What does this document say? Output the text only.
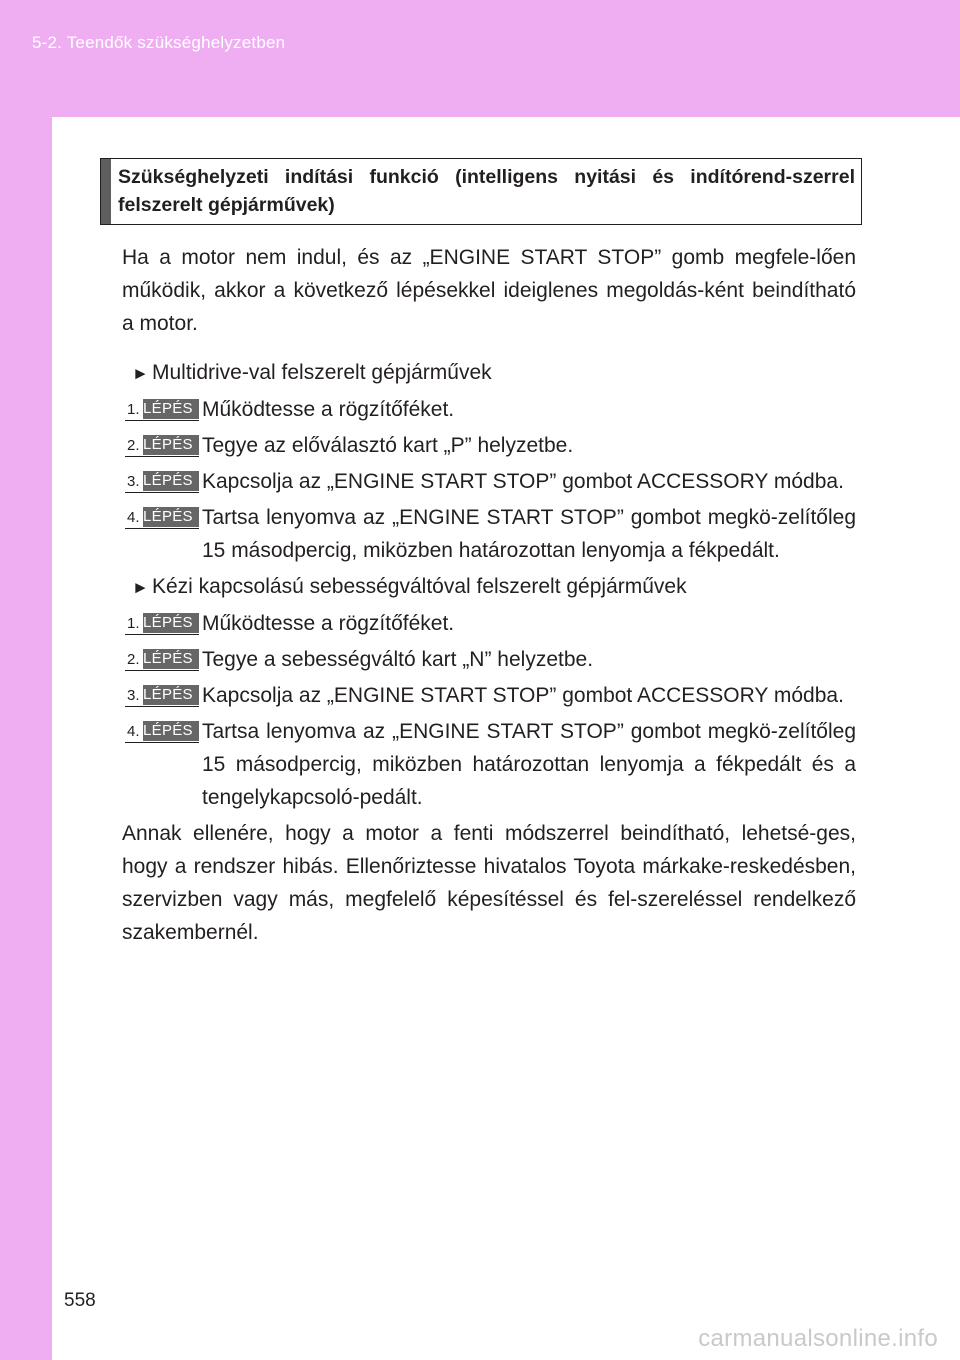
5-2. Teendők szükséghelyzetben
Szükséghelyzeti indítási funkció (intelligens nyitási és indítórend-szerrel felszerelt gépjárművek)

Ha a motor nem indul, és az „ENGINE START STOP” gomb megfele-lően működik, akkor a következő lépésekkel ideiglenes megoldás-ként beindítható a motor.

► Multidrive-val felszerelt gépjárművek
1. LÉPÉS Működtesse a rögzítőféket.
2. LÉPÉS Tegye az előválasztó kart „P” helyzetbe.
3. LÉPÉS Kapcsolja az „ENGINE START STOP” gombot ACCESSORY módba.
4. LÉPÉS Tartsa lenyomva az „ENGINE START STOP” gombot megkö-zelítőleg 15 másodpercig, miközben határozottan lenyomja a fékpedált.
► Kézi kapcsolású sebességváltóval felszerelt gépjárművek
1. LÉPÉS Működtesse a rögzítőféket.
2. LÉPÉS Tegye a sebességváltó kart „N” helyzetbe.
3. LÉPÉS Kapcsolja az „ENGINE START STOP” gombot ACCESSORY módba.
4. LÉPÉS Tartsa lenyomva az „ENGINE START STOP” gombot megkö-zelítőleg 15 másodpercig, miközben határozottan lenyomja a fékpedált és a tengelykapcsoló-pedált.

Annak ellenére, hogy a motor a fenti módszerrel beindítható, lehetsé-ges, hogy a rendszer hibás. Ellenőriztesse hivatalos Toyota márkake-reskedésben, szervizben vagy más, megfelelő képesítéssel és fel-szereléssel rendelkező szakembernél.

558
carmanualsonline.info
